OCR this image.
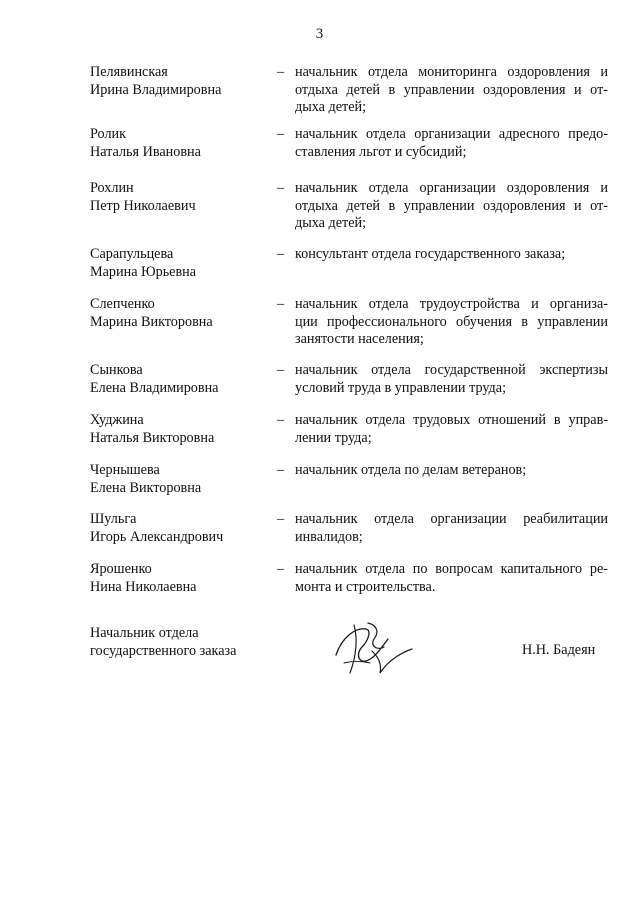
3
Пелявинская
Ирина Владимировна
– начальник отдела мониторинга оздоровления и
отдыха детей в управлении оздоровления и от-
дыха детей;
Ролик
Наталья Ивановна
– начальник отдела организации адресного предо-
ставления льгот и субсидий;
Рохлин
Петр Николаевич
– начальник отдела организации оздоровления и
отдыха детей в управлении оздоровления и от-
дыха детей;
Сарапульцева
Марина Юрьевна
– консультант отдела государственного заказа;
Слепченко
Марина Викторовна
– начальник отдела трудоустройства и организа-
ции профессионального обучения в управлении
занятости населения;
Сынкова
Елена Владимировна
– начальник отдела государственной экспертизы
условий труда в управлении труда;
Худжина
Наталья Викторовна
– начальник отдела трудовых отношений в управ-
лении труда;
Чернышева
Елена Викторовна
– начальник отдела по делам ветеранов;
Шульга
Игорь Александрович
– начальник отдела организации реабилитации
инвалидов;
Ярошенко
Нина Николаевна
– начальник отдела по вопросам капитального ре-
монта и строительства.
Начальник отдела
государственного заказа	Н.Н. Бадеян
